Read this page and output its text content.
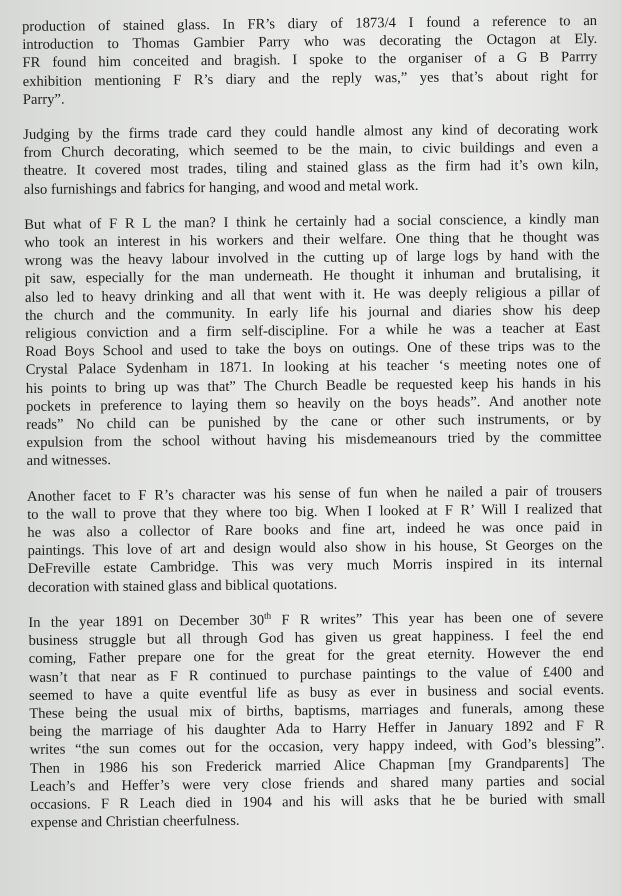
production of stained glass. In FR’s diary of 1873/4 I found a reference to an
introduction to Thomas Gambier Parry who was decorating the Octagon at Ely.
FR found him conceited and bragish. I spoke to the organiser of a G B Parrry
exhibition mentioning F R’s diary and the reply was,” yes that’s about right for
Parry”.
Judging by the firms trade card they could handle almost any kind of decorating work
from Church decorating, which seemed to be the main, to civic buildings and even a
theatre. It covered most trades, tiling and stained glass as the firm had it’s own kiln,
also furnishings and fabrics for hanging, and wood and metal work.
But what of F R L the man? I think he certainly had a social conscience, a kindly man
who took an interest in his workers and their welfare. One thing that he thought was
wrong was the heavy labour involved in the cutting up of large logs by hand with the
pit saw, especially for the man underneath. He thought it inhuman and brutalising, it
also led to heavy drinking and all that went with it. He was deeply religious a pillar of
the church and the community. In early life his journal and diaries show his deep
religious conviction and a firm self-discipline. For a while he was a teacher at East
Road Boys School and used to take the boys on outings. One of these trips was to the
Crystal Palace Sydenham in 1871. In looking at his teacher ‘s meeting notes one of
his points to bring up was that” The Church Beadle be requested keep his hands in his
pockets in preference to laying them so heavily on the boys heads”. And another note
reads” No child can be punished by the cane or other such instruments, or by
expulsion from the school without having his misdemeanours tried by the committee
and witnesses.
Another facet to F R’s character was his sense of fun when he nailed a pair of trousers
to the wall to prove that they where too big. When I looked at F R’ Will I realized that
he was also a collector of Rare books and fine art, indeed he was once paid in
paintings. This love of art and design would also show in his house, St Georges on the
DeFreville estate Cambridge. This was very much Morris inspired in its internal
decoration with stained glass and biblical quotations.
In the year 1891 on December 30th F R writes” This year has been one of severe
business struggle but all through God has given us great happiness. I feel the end
coming, Father prepare one for the great for the great eternity. However the end
wasn’t that near as F R continued to purchase paintings to the value of £400 and
seemed to have a quite eventful life as busy as ever in business and social events.
These being the usual mix of births, baptisms, marriages and funerals, among these
being the marriage of his daughter Ada to Harry Heffer in January 1892 and F R
writes “the sun comes out for the occasion, very happy indeed, with God’s blessing”.
Then in 1986 his son Frederick married Alice Chapman [my Grandparents] The
Leach’s and Heffer’s were very close friends and shared many parties and social
occasions. F R Leach died in 1904 and his will asks that he be buried with small
expense and Christian cheerfulness.
